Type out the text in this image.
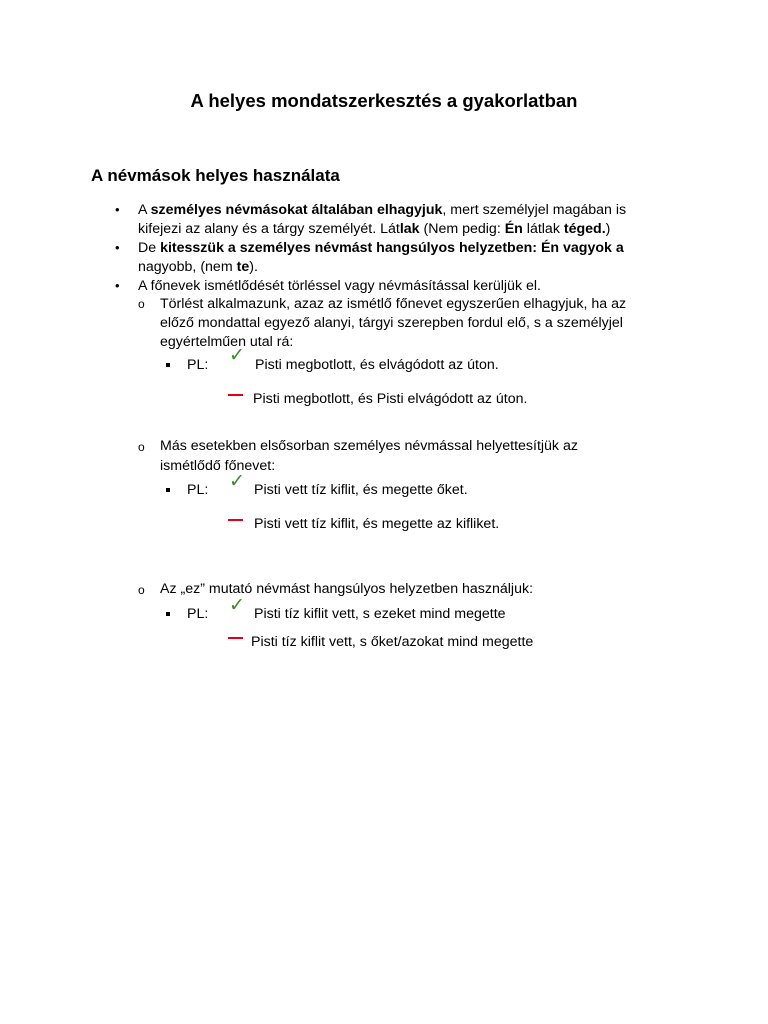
A helyes mondatszerkesztés a gyakorlatban
A névmások helyes használata
• A személyes névmásokat általában elhagyjuk, mert személyjel magában is
kifejezi az alany és a tárgy személyét. Látlak (Nem pedig: Én látlak téged.)
• De kitesszük a személyes névmást hangsúlyos helyzetben: Én vagyok a
nagyobb, (nem te).
• A főnevek ismétlődését törléssel vagy névmásítással kerüljük el.
o Törlést alkalmazunk, azaz az ismétlő főnevet egyszerűen elhagyjuk, ha az
előző mondattal egyező alanyi, tárgyi szerepben fordul elő, s a személyjel
egyértelműen utal rá:
PL: ✓ Pisti megbotlott, és elvágódott az úton.
Pisti megbotlott, és Pisti elvágódott az úton.
o Más esetekben elsősorban személyes névmással helyettesítjük az
ismétlődő főnevet:
PL: ✓ Pisti vett tíz kiflit, és megette őket.
Pisti vett tíz kiflit, és megette az kifliket.
o Az „ez” mutató névmást hangsúlyos helyzetben használjuk:
PL: ✓ Pisti tíz kiflit vett, s ezeket mind megette
Pisti tíz kiflit vett, s őket/azokat mind megette
